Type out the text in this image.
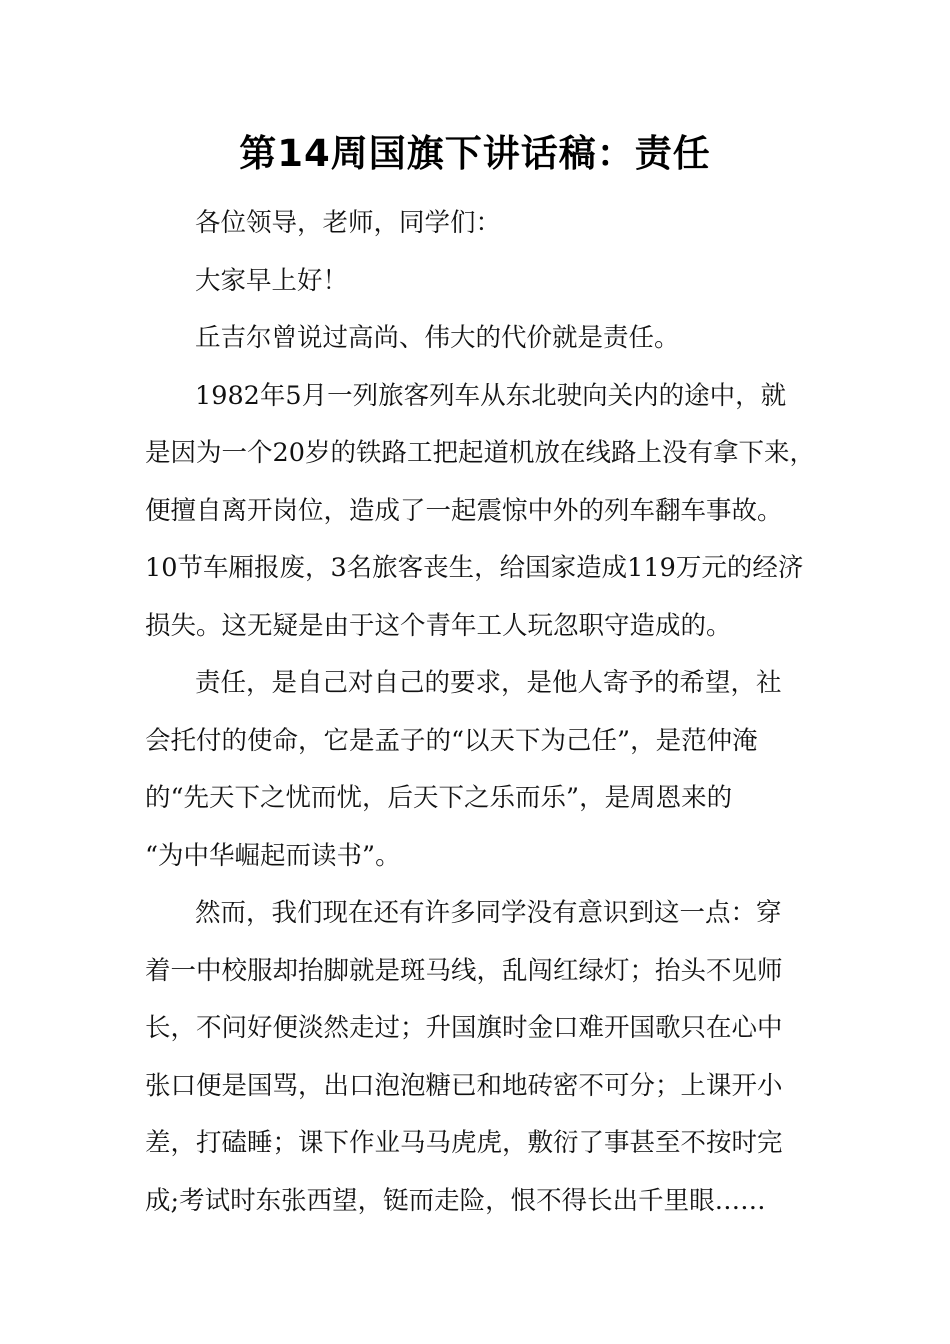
第14周国旗下讲话稿：责任
各位领导，老师，同学们：
大家早上好！
丘吉尔曾说过高尚、伟大的代价就是责任。
1982年5月一列旅客列车从东北驶向关内的途中，就
是因为一个20岁的铁路工把起道机放在线路上没有拿下来，
便擅自离开岗位，造成了一起震惊中外的列车翻车事故。
10节车厢报废，3名旅客丧生，给国家造成119万元的经济
损失。这无疑是由于这个青年工人玩忽职守造成的。
责任，是自己对自己的要求，是他人寄予的希望，社
会托付的使命，它是孟子的“以天下为己任”，是范仲淹
的“先天下之忧而忧，后天下之乐而乐”，是周恩来的
“为中华崛起而读书”。
然而，我们现在还有许多同学没有意识到这一点：穿
着一中校服却抬脚就是斑马线，乱闯红绿灯；抬头不见师
长，不问好便淡然走过；升国旗时金口难开国歌只在心中
张口便是国骂，出口泡泡糖已和地砖密不可分；上课开小
差，打磕睡；课下作业马马虎虎，敷衍了事甚至不按时完
成;考试时东张西望，铤而走险，恨不得长出千里眼……
